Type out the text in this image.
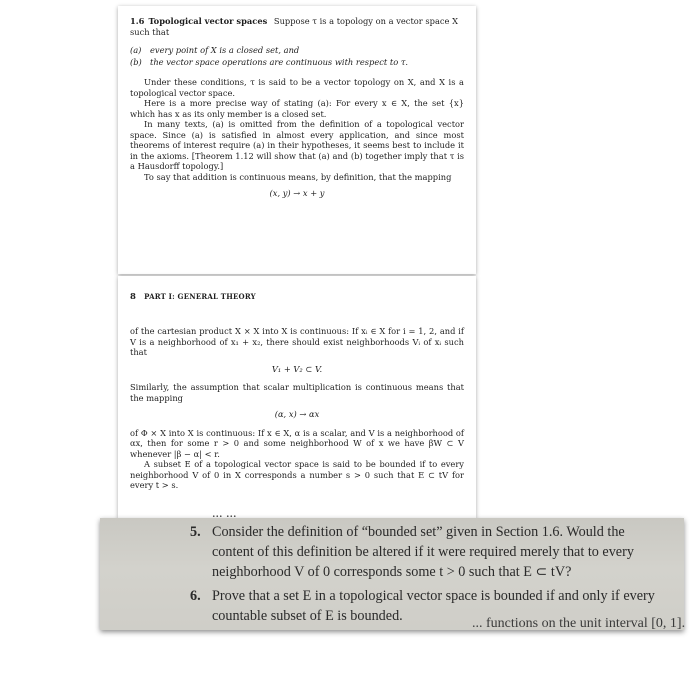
1.6 Topological vector spaces Suppose τ is a topology on a vector space X such that

(a)	every point of X is a closed set, and
(b) the vector space operations are continuous with respect to τ.

Under these conditions, τ is said to be a vector topology on X, and X is a topological vector space.

Here is a more precise way of stating (a): For every x ∈ X, the set {x} which has x as its only member is a closed set.

In many texts, (a) is omitted from the definition of a topological vector space. Since (a) is satisfied in almost every application, and since most theorems of interest require (a) in their hypotheses, it seems best to include it in the axioms. [Theorem 1.12 will show that (a) and (b) together imply that τ is a Hausdorff topology.]

To say that addition is continuous means, by definition, that the mapping

(x, y) → x + y
8 PART I: GENERAL THEORY

of the cartesian product X × X into X is continuous: If xᵢ ∈ X for i = 1, 2, and if V is a neighborhood of x₁ + x₂, there should exist neighborhoods Vᵢ of xᵢ such that

V₁ + V₂ ⊂ V.

Similarly, the assumption that scalar multiplication is continuous means that the mapping

(α, x) → αx

of Φ × X into X is continuous: If x ∈ X, α is a scalar, and V is a neighborhood of αx, then for some r > 0 and some neighborhood W of x we have βW ⊂ V whenever |β − α| < r.

A subset E of a topological vector space is said to be bounded if to every neighborhood V of 0 in X corresponds a number s > 0 such that E ⊂ tV for every t > s.

... ...
5. Consider the definition of “bounded set” given in Section 1.6. Would the
content of this definition be altered if it were required merely that to every
neighborhood V of 0 corresponds some t > 0 such that E ⊂ tV?
6. Prove that a set E in a topological vector space is bounded if and only if every
countable subset of E is bounded.	... functions on the unit interval [0, 1].
